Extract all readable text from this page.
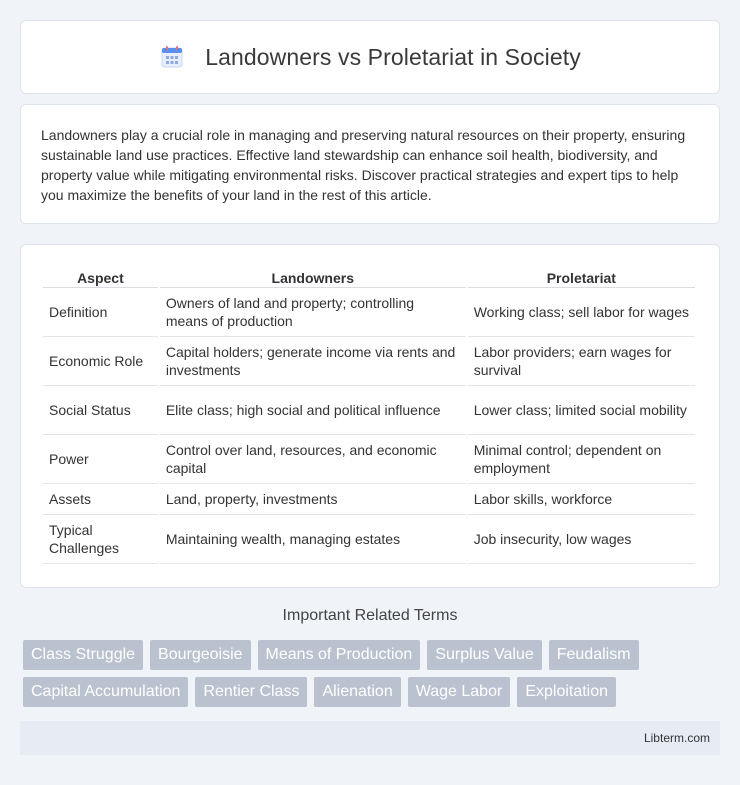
Landowners vs Proletariat in Society

Landowners play a crucial role in managing and preserving natural resources on their property, ensuring sustainable land use practices. Effective land stewardship can enhance soil health, biodiversity, and property value while mitigating environmental risks. Discover practical strategies and expert tips to help you maximize the benefits of your land in the rest of this article.

Aspect	Landowners	Proletariat
Definition	Owners of land and property; controlling means of production	Working class; sell labor for wages
Economic Role	Capital holders; generate income via rents and investments	Labor providers; earn wages for survival
Social Status	Elite class; high social and political influence	Lower class; limited social mobility
Power	Control over land, resources, and economic capital	Minimal control; dependent on employment
Assets	Land, property, investments	Labor skills, workforce
Typical Challenges	Maintaining wealth, managing estates	Job insecurity, low wages
Important Related Terms
Class Struggle	Bourgeoisie	Means of Production	Surplus Value	Feudalism
Capital Accumulation	Rentier Class	Alienation	Wage Labor	Exploitation
Libterm.com
